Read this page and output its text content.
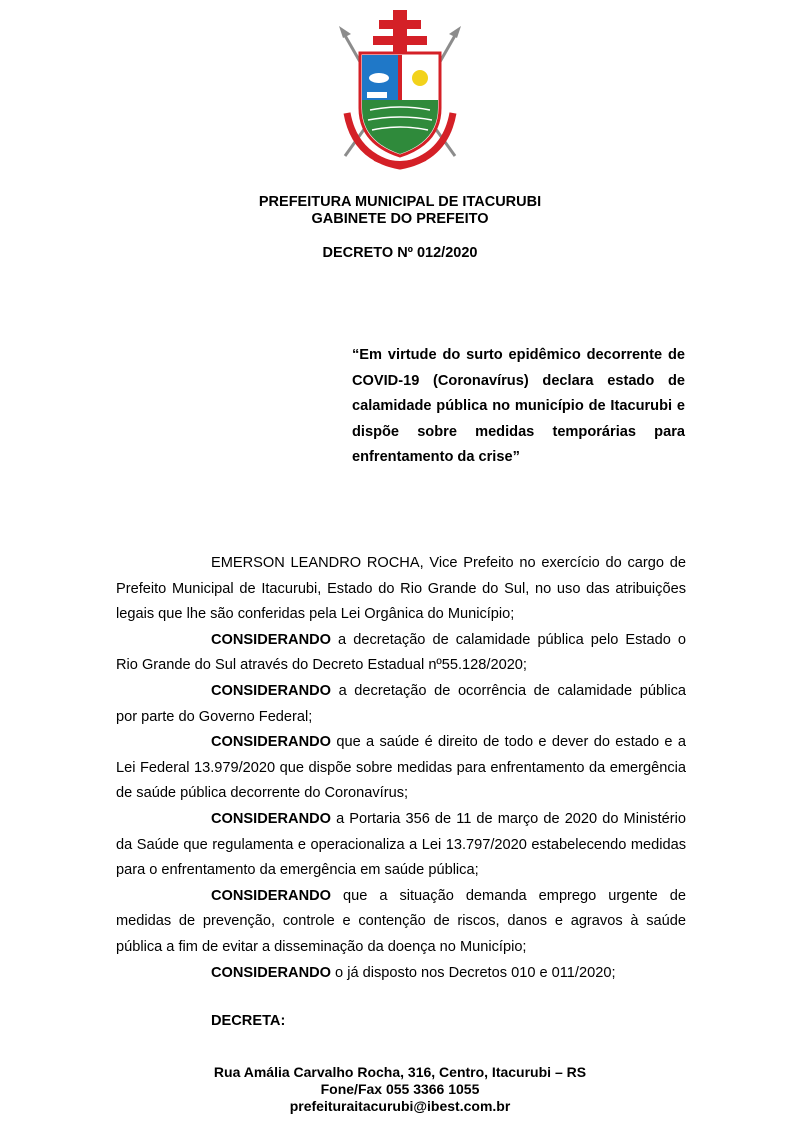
PREFEITURA MUNICIPAL DE ITACURUBI
GABINETE DO PREFEITO
DECRETO Nº 012/2020
“Em virtude do surto epidêmico decorrente de COVID-19 (Coronavírus) declara estado de calamidade pública no município de Itacurubi e dispõe sobre medidas temporárias para enfrentamento da crise”

EMERSON LEANDRO ROCHA, Vice Prefeito no exercício do cargo de Prefeito Municipal de Itacurubi, Estado do Rio Grande do Sul, no uso das atribuições legais que lhe são conferidas pela Lei Orgânica do Município;

CONSIDERANDO a decretação de calamidade pública pelo Estado o Rio Grande do Sul através do Decreto Estadual nº55.128/2020;

CONSIDERANDO a decretação de ocorrência de calamidade pública por parte do Governo Federal;

CONSIDERANDO que a saúde é direito de todo e dever do estado e a Lei Federal 13.979/2020 que dispõe sobre medidas para enfrentamento da emergência de saúde pública decorrente do Coronavírus;

CONSIDERANDO a Portaria 356 de 11 de março de 2020 do Ministério da Saúde que regulamenta e operacionaliza a Lei 13.797/2020 estabelecendo medidas para o enfrentamento da emergência em saúde pública;

CONSIDERANDO que a situação demanda emprego urgente de medidas de prevenção, controle e contenção de riscos, danos e agravos à saúde pública a fim de evitar a disseminação da doença no Município;

CONSIDERANDO o já disposto nos Decretos 010 e 011/2020;

DECRETA:
Rua Amália Carvalho Rocha, 316, Centro, Itacurubi – RS
Fone/Fax 055 3366 1055
prefeituraitacurubi@ibest.com.br
